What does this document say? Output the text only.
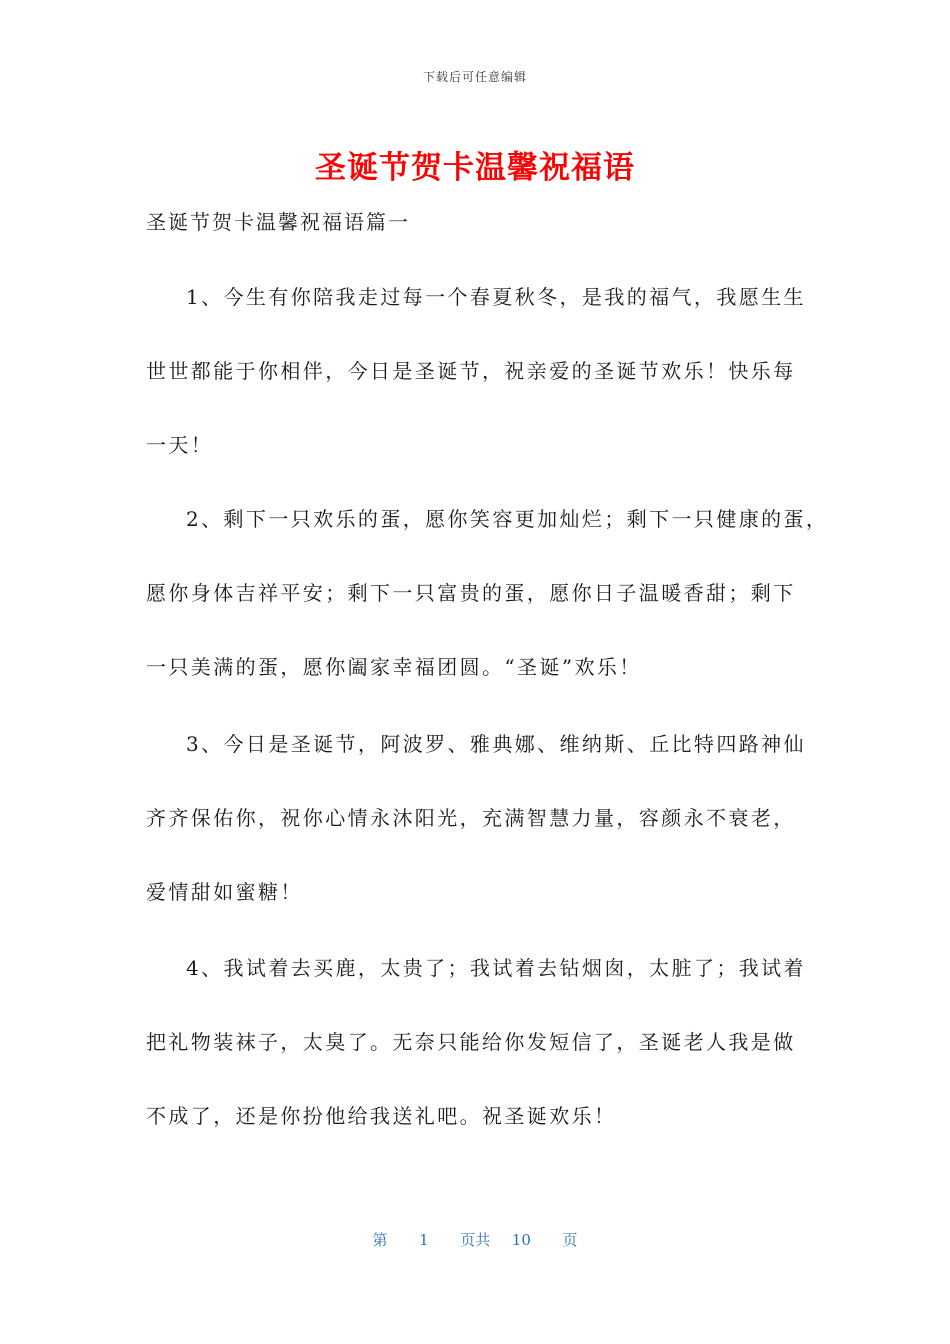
下载后可任意编辑
圣诞节贺卡温馨祝福语
圣诞节贺卡温馨祝福语篇一
1、今生有你陪我走过每一个春夏秋冬，是我的福气，我愿生生
世世都能于你相伴，今日是圣诞节，祝亲爱的圣诞节欢乐！快乐每
一天！
2、剩下一只欢乐的蛋，愿你笑容更加灿烂；剩下一只健康的蛋，
愿你身体吉祥平安；剩下一只富贵的蛋，愿你日子温暖香甜；剩下
一只美满的蛋，愿你阖家幸福团圆。“圣诞”欢乐！
3、今日是圣诞节，阿波罗、雅典娜、维纳斯、丘比特四路神仙
齐齐保佑你，祝你心情永沐阳光，充满智慧力量，容颜永不衰老，
爱情甜如蜜糖！
4、我试着去买鹿，太贵了；我试着去钻烟囱，太脏了；我试着
把礼物装袜子，太臭了。无奈只能给你发短信了，圣诞老人我是做
不成了，还是你扮他给我送礼吧。祝圣诞欢乐！
第 1 页共 10 页
